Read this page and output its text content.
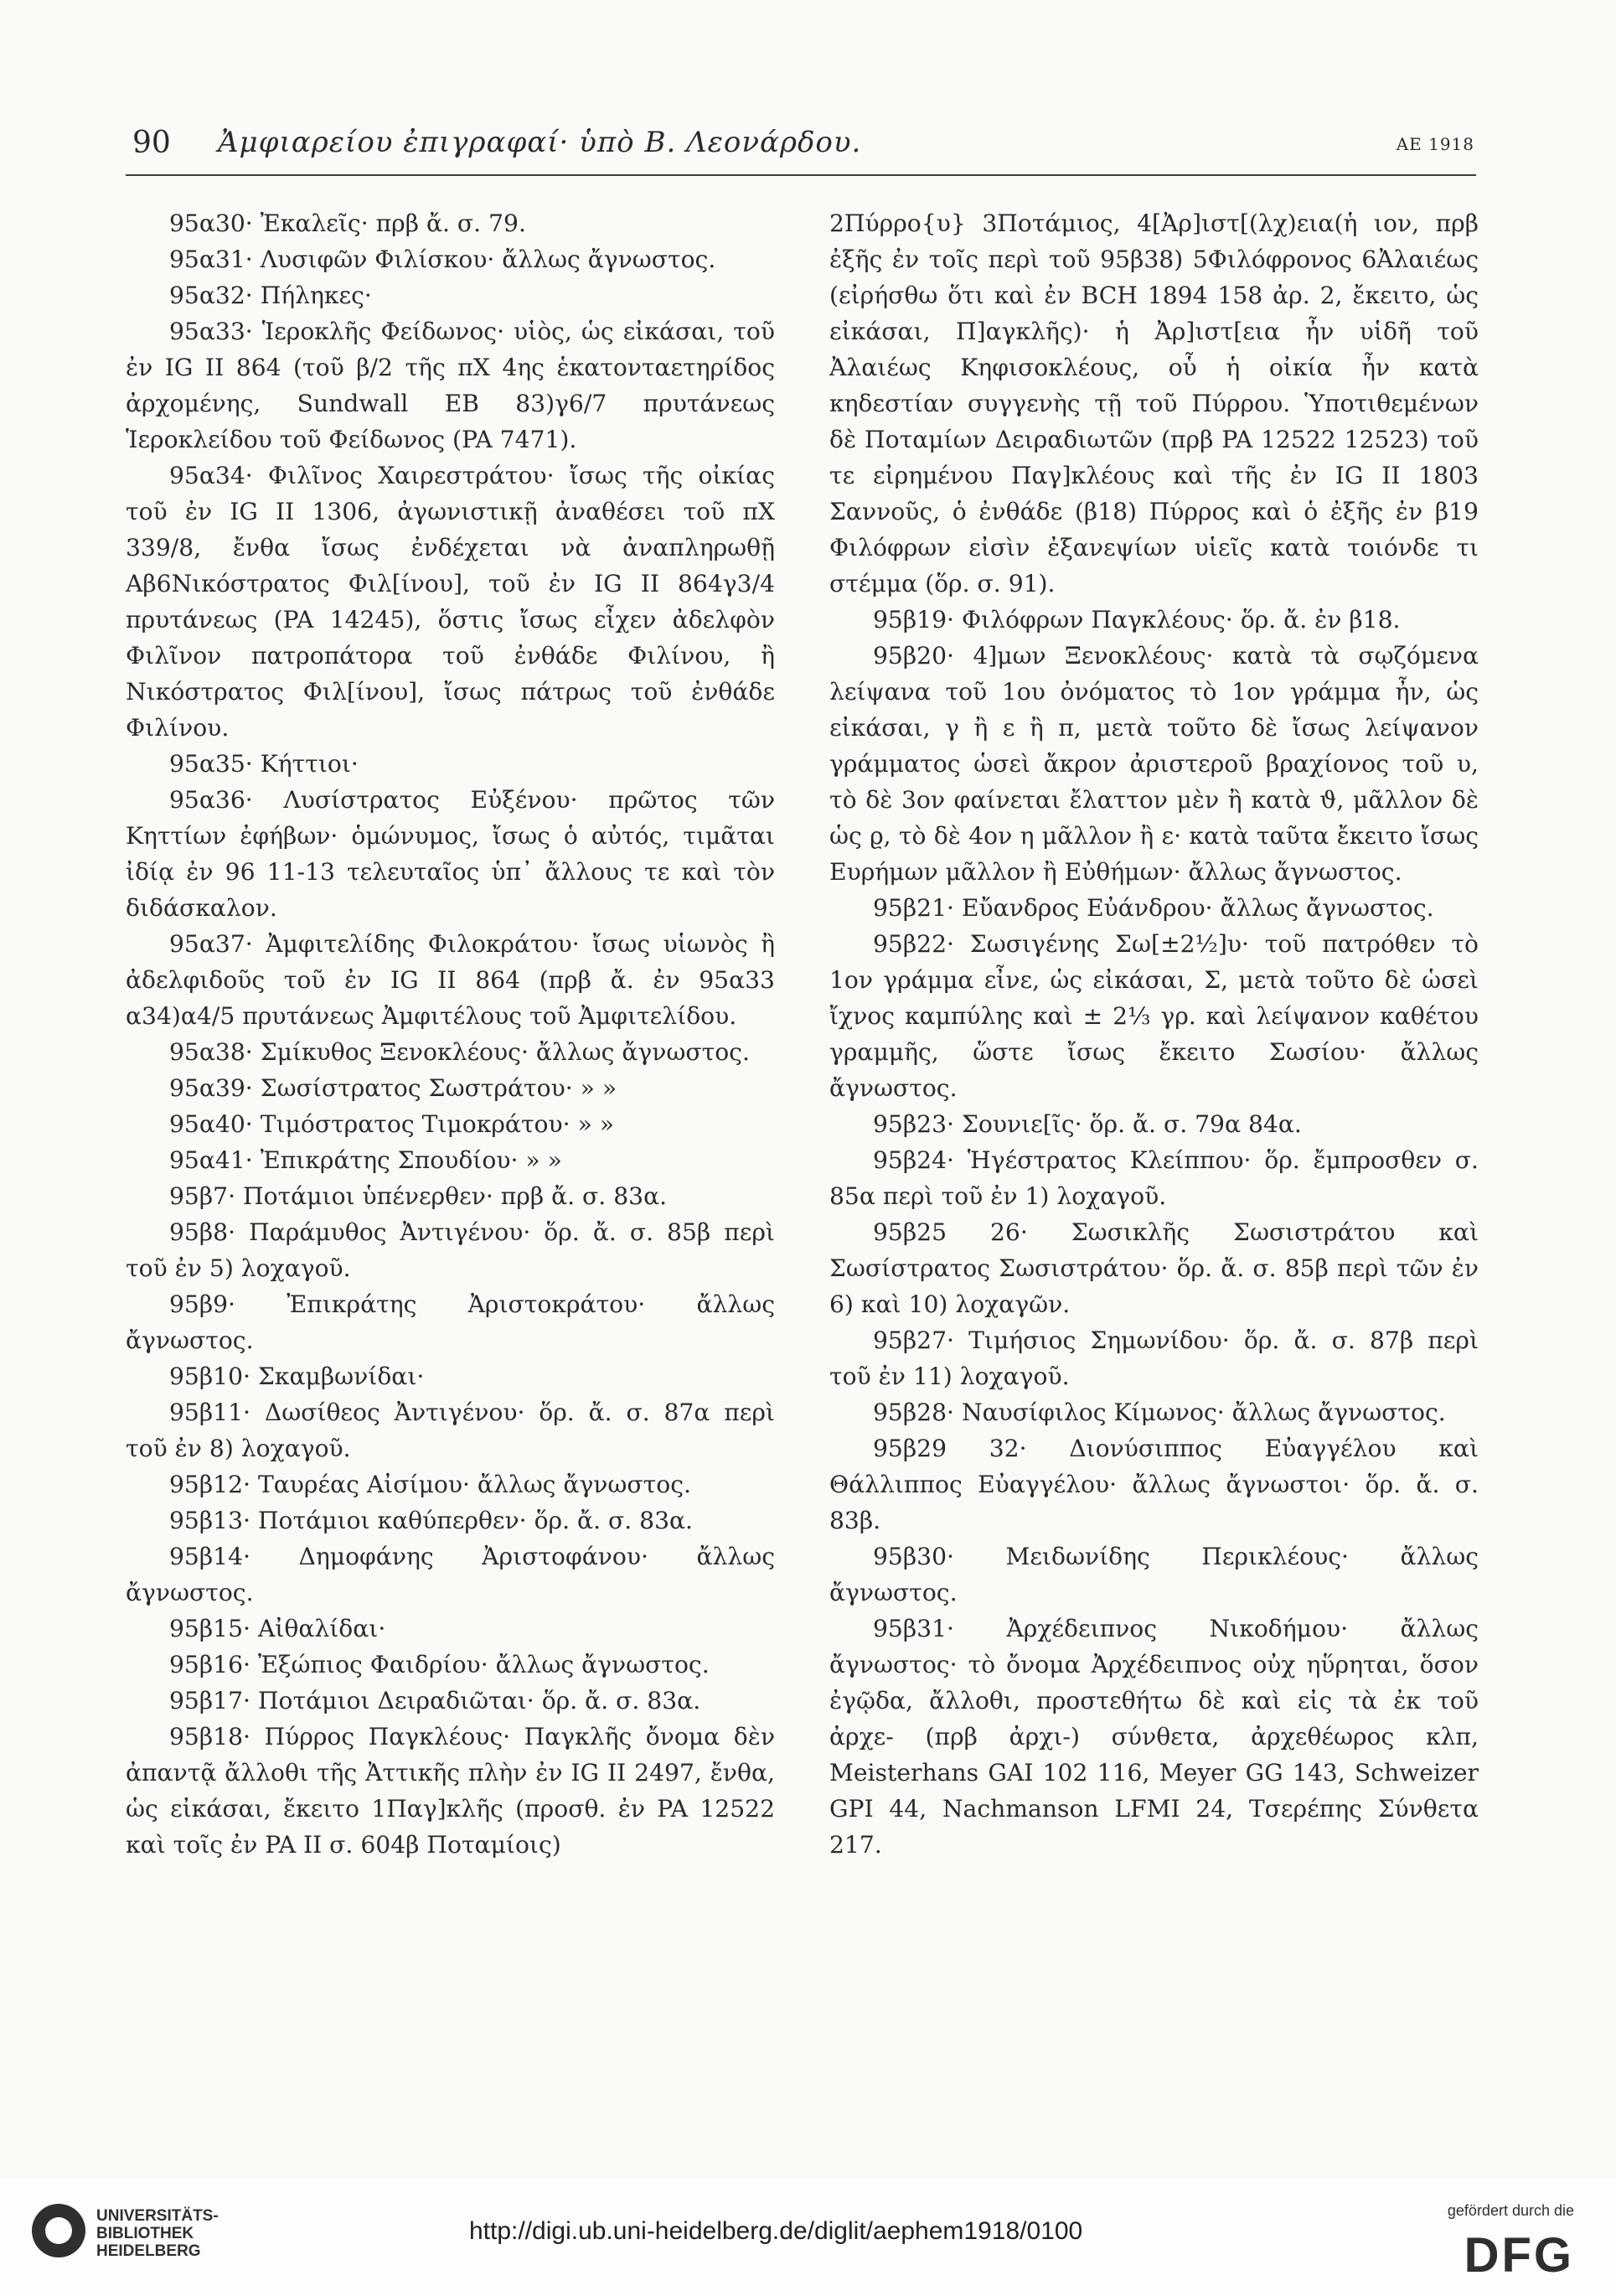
90 Ἀμφιαρείου ἐπιγραφαί· ὑπὸ Β. Λεονάρδου.	ΑΕ 1918

95α30· Ἐκαλεῖς· πρβ ἄ. σ. 79.

95α31· Λυσιφῶν Φιλίσκου· ἄλλως ἄγνωστος.

95α32· Πήληκες·

95α33· Ἱεροκλῆς Φείδωνος· υἱὸς, ὡς εἰκάσαι, τοῦ ἐν IG II 864 (τοῦ β/2 τῆς πX 4ης ἑκατονταετηρίδος ἀρχομένης, Sundwall EB 83)γ6/7 πρυτάνεως Ἱεροκλείδου τοῦ Φείδωνος (PA 7471).

95α34· Φιλῖνος Χαιρεστράτου· ἴσως τῆς οἰκίας τοῦ ἐν IG II 1306, ἀγωνιστικῇ ἀναθέσει τοῦ πX 339/8, ἔνθα ἴσως ἐνδέχεται νὰ ἀναπληρωθῇ Αβ6Νικόστρατος Φιλ[ίνου], τοῦ ἐν IG II 864γ3/4 πρυτάνεως (PA 14245), ὅστις ἴσως εἶχεν ἀδελφὸν Φιλῖνον πατροπάτορα τοῦ ἐνθάδε Φιλίνου, ἢ Νικόστρατος Φιλ[ίνου], ἴσως πάτρως τοῦ ἐνθάδε Φιλίνου.

95α35· Κήττιοι·

95α36· Λυσίστρατος Εὐξένου· πρῶτος τῶν Κηττίων ἐφήβων· ὁμώνυμος, ἴσως ὁ αὐτός, τιμᾶται ἰδίᾳ ἐν 96 11-13 τελευταῖος ὑπ᾽ ἄλλους τε καὶ τὸν διδάσκαλον.

95α37· Ἀμφιτελίδης Φιλοκράτου· ἴσως υἱωνὸς ἢ ἀδελφιδοῦς τοῦ ἐν IG II 864 (πρβ ἄ. ἐν 95α33 α34)α4/5 πρυτάνεως Ἀμφιτέλους τοῦ Ἀμφιτελίδου.

95α38· Σμίκυθος Ξενοκλέους· ἄλλως ἄγνωστος.

95α39· Σωσίστρατος Σωστράτου· » »

95α40· Τιμόστρατος Τιμοκράτου· » »

95α41· Ἐπικράτης Σπουδίου· » »

95β7· Ποτάμιοι ὑπένερθεν· πρβ ἄ. σ. 83α.

95β8· Παράμυθος Ἀντιγένου· ὅρ. ἄ. σ. 85β περὶ τοῦ ἐν 5) λοχαγοῦ.

95β9· Ἐπικράτης Ἀριστοκράτου· ἄλλως ἄγνωστος.

95β10· Σκαμβωνίδαι·

95β11· Δωσίθεος Ἀντιγένου· ὅρ. ἄ. σ. 87α περὶ τοῦ ἐν 8) λοχαγοῦ.

95β12· Ταυρέας Αἰσίμου· ἄλλως ἄγνωστος.

95β13· Ποτάμιοι καθύπερθεν· ὅρ. ἄ. σ. 83α.

95β14· Δημοφάνης Ἀριστοφάνου· ἄλλως ἄγνωστος.

95β15· Αἰθαλίδαι·

95β16· Ἐξώπιος Φαιδρίου· ἄλλως ἄγνωστος.

95β17· Ποτάμιοι Δειραδιῶται· ὅρ. ἄ. σ. 83α.

95β18· Πύρρος Παγκλέους· Παγκλῆς ὄνομα δὲν ἀπαντᾷ ἄλλοθι τῆς Ἀττικῆς πλὴν ἐν IG II 2497, ἔνθα, ὡς εἰκάσαι, ἔκειτο 1Παγ]κλῆς (προσθ. ἐν PA 12522 καὶ τοῖς ἐν PA II σ. 604β Ποταμίοις)

2Πύρρο{υ} 3Ποτάμιος, 4[Ἀρ]ιστ[(λχ)εια(ἡ ιον, πρβ ἐξῆς ἐν τοῖς περὶ τοῦ 95β38) 5Φιλόφρονος 6Ἀλαιέως (εἰρήσθω ὅτι καὶ ἐν BCH 1894 158 ἀρ. 2, ἔκειτο, ὡς εἰκάσαι, Π]αγκλῆς)· ἡ Ἀρ]ιστ[εια ἦν υἱδῆ τοῦ Ἀλαιέως Κηφισοκλέους, οὗ ἡ οἰκία ἦν κατὰ κηδεστίαν συγγενὴς τῇ τοῦ Πύρρου. Ὑποτιθεμένων δὲ Ποταμίων Δειραδιωτῶν (πρβ PA 12522 12523) τοῦ τε εἰρημένου Παγ]κλέους καὶ τῆς ἐν IG II 1803 Σαννοῦς, ὁ ἐνθάδε (β18) Πύρρος καὶ ὁ ἐξῆς ἐν β19 Φιλόφρων εἰσὶν ἐξανεψίων υἱεῖς κατὰ τοιόνδε τι στέμμα (ὅρ. σ. 91).

95β19· Φιλόφρων Παγκλέους· ὅρ. ἄ. ἐν β18.

95β20· 4]μων Ξενοκλέους· κατὰ τὰ σῳζόμενα λείψανα τοῦ 1ου ὀνόματος τὸ 1ον γράμμα ἦν, ὡς εἰκάσαι, γ ἢ ε ἢ π, μετὰ τοῦτο δὲ ἴσως λείψανον γράμματος ὡσεὶ ἄκρον ἀριστεροῦ βραχίονος τοῦ υ, τὸ δὲ 3ον φαίνεται ἔλαττον μὲν ἢ κατὰ ϑ, μᾶλλον δὲ ὡς ϱ, τὸ δὲ 4ον η μᾶλλον ἢ ε· κατὰ ταῦτα ἔκειτο ἴσως Ευρήμων μᾶλλον ἢ Εὐθήμων· ἄλλως ἄγνωστος.

95β21· Εὔανδρος Εὐάνδρου· ἄλλως ἄγνωστος.

95β22· Σωσιγένης Σω[±2½]υ· τοῦ πατρόθεν τὸ 1ον γράμμα εἶνε, ὡς εἰκάσαι, Σ, μετὰ τοῦτο δὲ ὡσεὶ ἴχνος καμπύλης καὶ ± 2⅓ γρ. καὶ λείψανον καθέτου γραμμῆς, ὥστε ἴσως ἔκειτο Σωσίου· ἄλλως ἄγνωστος.

95β23· Σουνιε[ῖς· ὅρ. ἄ. σ. 79α 84α.

95β24· Ἡγέστρατος Κλείππου· ὅρ. ἔμπροσθεν σ. 85α περὶ τοῦ ἐν 1) λοχαγοῦ.

95β25 26· Σωσικλῆς Σωσιστράτου καὶ Σωσίστρατος Σωσιστράτου· ὅρ. ἄ. σ. 85β περὶ τῶν ἐν 6) καὶ 10) λοχαγῶν.

95β27· Τιμήσιος Σημωνίδου· ὅρ. ἄ. σ. 87β περὶ τοῦ ἐν 11) λοχαγοῦ.

95β28· Ναυσίφιλος Κίμωνος· ἄλλως ἄγνωστος.

95β29 32· Διονύσιππος Εὐαγγέλου καὶ Θάλλιππος Εὐαγγέλου· ἄλλως ἄγνωστοι· ὅρ. ἄ. σ. 83β.

95β30· Μειδωνίδης Περικλέους· ἄλλως ἄγνωστος.

95β31· Ἀρχέδειπνος Νικοδήμου· ἄλλως ἄγνωστος· τὸ ὄνομα Ἀρχέδειπνος οὐχ ηὕρηται, ὅσον ἐγῷδα, ἄλλοθι, προστεθήτω δὲ καὶ εἰς τὰ ἐκ τοῦ ἀρχε- (πρβ ἀρχι-) σύνθετα, ἀρχεθέωρος κλπ, Meisterhans GAI 102 116, Meyer GG 143, Schweizer GPI 44, Nachmanson LFMI 24, Τσερέπης Σύνθετα 217.

UNIVERSITÄTS-
BIBLIOTHEK
HEIDELBERG
http://digi.ub.uni-heidelberg.de/diglit/aephem1918/0100
gefördert durch die
DFG
